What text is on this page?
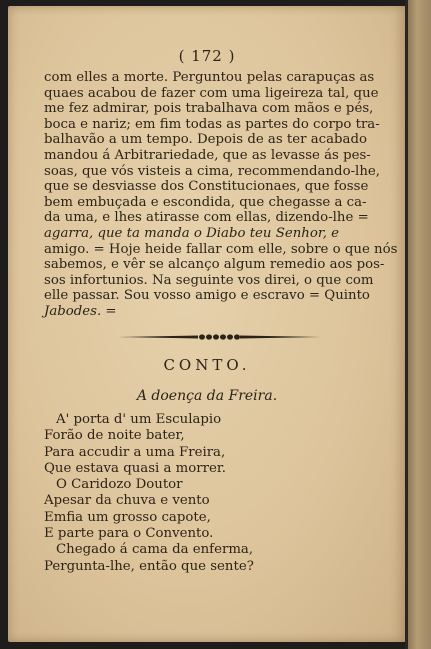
( 172 )
com elles a morte. Perguntou pelas carapuças as
quaes acabou de fazer com uma ligeireza tal, que
me fez admirar, pois trabalhava com mãos e pés,
boca e nariz; em fim todas as partes do corpo tra-
balhavão a um tempo. Depois de as ter acabado
mandou á Arbitrariedade, que as levasse ás pes-
soas, que vós visteis a cima, recommendando-lhe,
que se desviasse dos Constitucionaes, que fosse
bem embuçada e escondida, que chegasse a ca-
da uma, e lhes atirasse com ellas, dizendo-lhe =
agarra, que ta manda o Diabo teu Senhor, e
amigo. = Hoje heide fallar com elle, sobre o que nós
sabemos, e vêr se alcanço algum remedio aos pos-
sos infortunios. Na seguinte vos direi, o que com
elle passar. Sou vosso amigo e escravo = Quinto
Jabodes. =
CONTO.
A doença da Freira.
A' porta d' um Esculapio
Forão de noite bater,
Para accudir a uma Freira,
Que estava quasi a morrer.
O Caridozo Doutor
Apesar da chuva e vento
Emfia um grosso capote,
E parte para o Convento.
Chegado á cama da enferma,
Pergunta-lhe, então que sente?
